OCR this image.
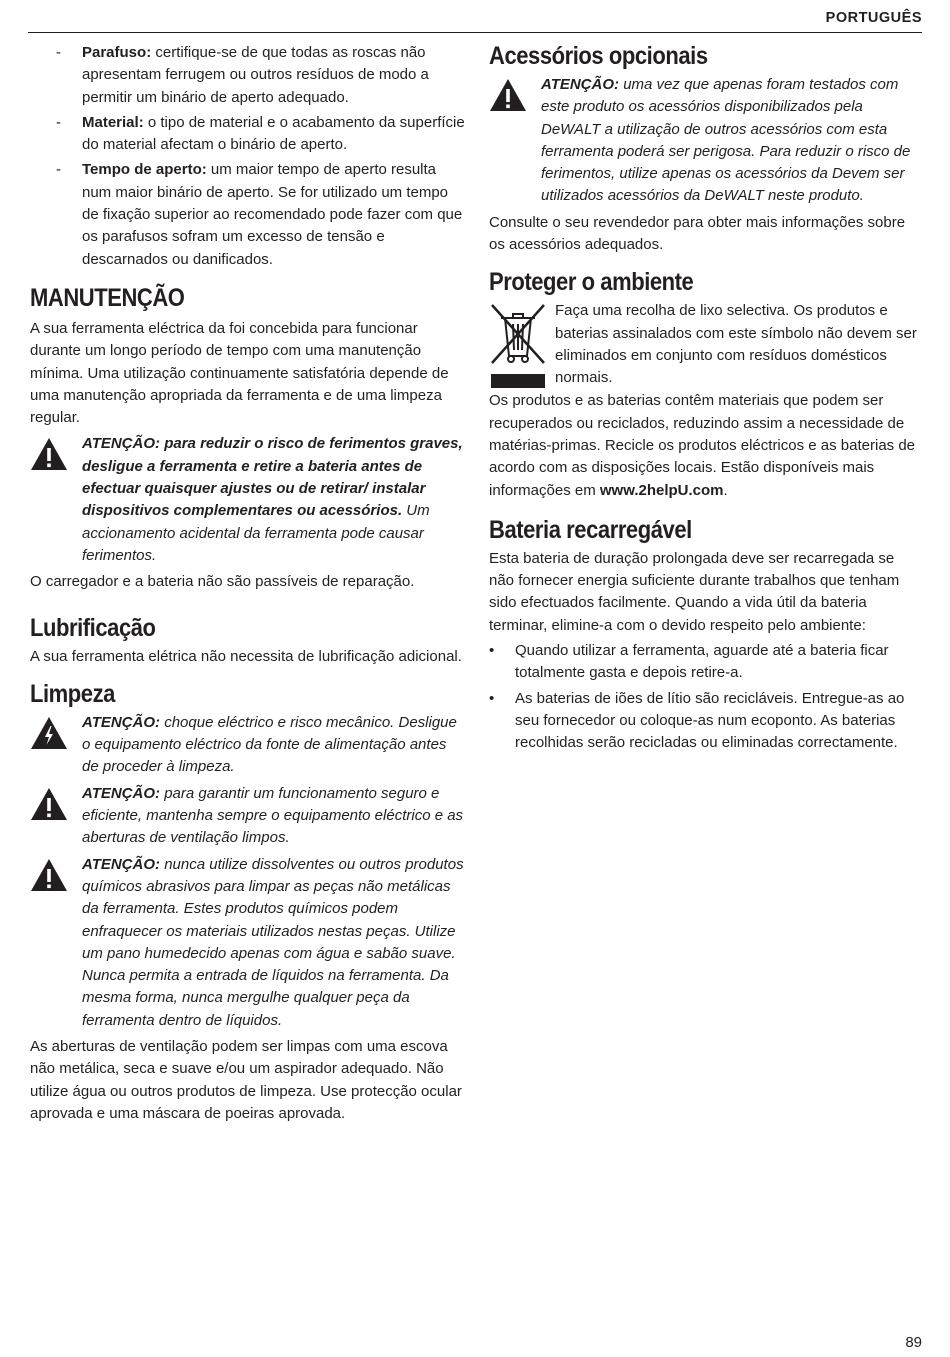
PORTUGUÊS
- Parafuso: certifique-se de que todas as roscas não apresentam ferrugem ou outros resíduos de modo a permitir um binário de aperto adequado.
- Material: o tipo de material e o acabamento da superfície do material afectam o binário de aperto.
- Tempo de aperto: um maior tempo de aperto resulta num maior binário de aperto. Se for utilizado um tempo de fixação superior ao recomendado pode fazer com que os parafusos sofram um excesso de tensão e descarnados ou danificados.
MANUTENÇÃO

A sua ferramenta eléctrica da foi concebida para funcionar durante um longo período de tempo com uma manutenção mínima. Uma utilização continuamente satisfatória depende de uma manutenção apropriada da ferramenta e de uma limpeza regular.

ATENÇÃO: para reduzir o risco de ferimentos graves, desligue a ferramenta e retire a bateria antes de efectuar quaisquer ajustes ou de retirar/ instalar dispositivos complementares ou acessórios. Um accionamento acidental da ferramenta pode causar ferimentos.

O carregador e a bateria não são passíveis de reparação.

Lubrificação

A sua ferramenta elétrica não necessita de lubrificação adicional.

Limpeza
ATENÇÃO: choque eléctrico e risco mecânico. Desligue o equipamento eléctrico da fonte de alimentação antes de proceder à limpeza.
ATENÇÃO: para garantir um funcionamento seguro e eficiente, mantenha sempre o equipamento eléctrico e as aberturas de ventilação limpos.
ATENÇÃO: nunca utilize dissolventes ou outros produtos químicos abrasivos para limpar as peças não metálicas da ferramenta. Estes produtos químicos podem enfraquecer os materiais utilizados nestas peças. Utilize um pano humedecido apenas com água e sabão suave. Nunca permita a entrada de líquidos na ferramenta. Da mesma forma, nunca mergulhe qualquer peça da ferramenta dentro de líquidos.

As aberturas de ventilação podem ser limpas com uma escova não metálica, seca e suave e/ou um aspirador adequado. Não utilize água ou outros produtos de limpeza. Use protecção ocular aprovada e uma máscara de poeiras aprovada.

Acessórios opcionais
ATENÇÃO: uma vez que apenas foram testados com este produto os acessórios disponibilizados pela DeWALT a utilização de outros acessórios com esta ferramenta poderá ser perigosa. Para reduzir o risco de ferimentos, utilize apenas os acessórios da Devem ser utilizados acessórios da DeWALT neste produto.

Consulte o seu revendedor para obter mais informações sobre os acessórios adequados.

Proteger o ambiente

Faça uma recolha de lixo selectiva. Os produtos e baterias assinalados com este símbolo não devem ser eliminados em conjunto com resíduos domésticos normais.

Os produtos e as baterias contêm materiais que podem ser recuperados ou reciclados, reduzindo assim a necessidade de matérias-primas. Recicle os produtos eléctricos e as baterias de acordo com as disposições locais. Estão disponíveis mais informações em www.2helpU.com.

Bateria recarregável

Esta bateria de duração prolongada deve ser recarregada se não fornecer energia suficiente durante trabalhos que tenham sido efectuados facilmente. Quando a vida útil da bateria terminar, elimine-a com o devido respeito pelo ambiente:

• Quando utilizar a ferramenta, aguarde até a bateria ficar totalmente gasta e depois retire-a.
• As baterias de iões de lítio são recicláveis. Entregue-as ao seu fornecedor ou coloque-as num ecoponto. As baterias recolhidas serão recicladas ou eliminadas correctamente.
89
